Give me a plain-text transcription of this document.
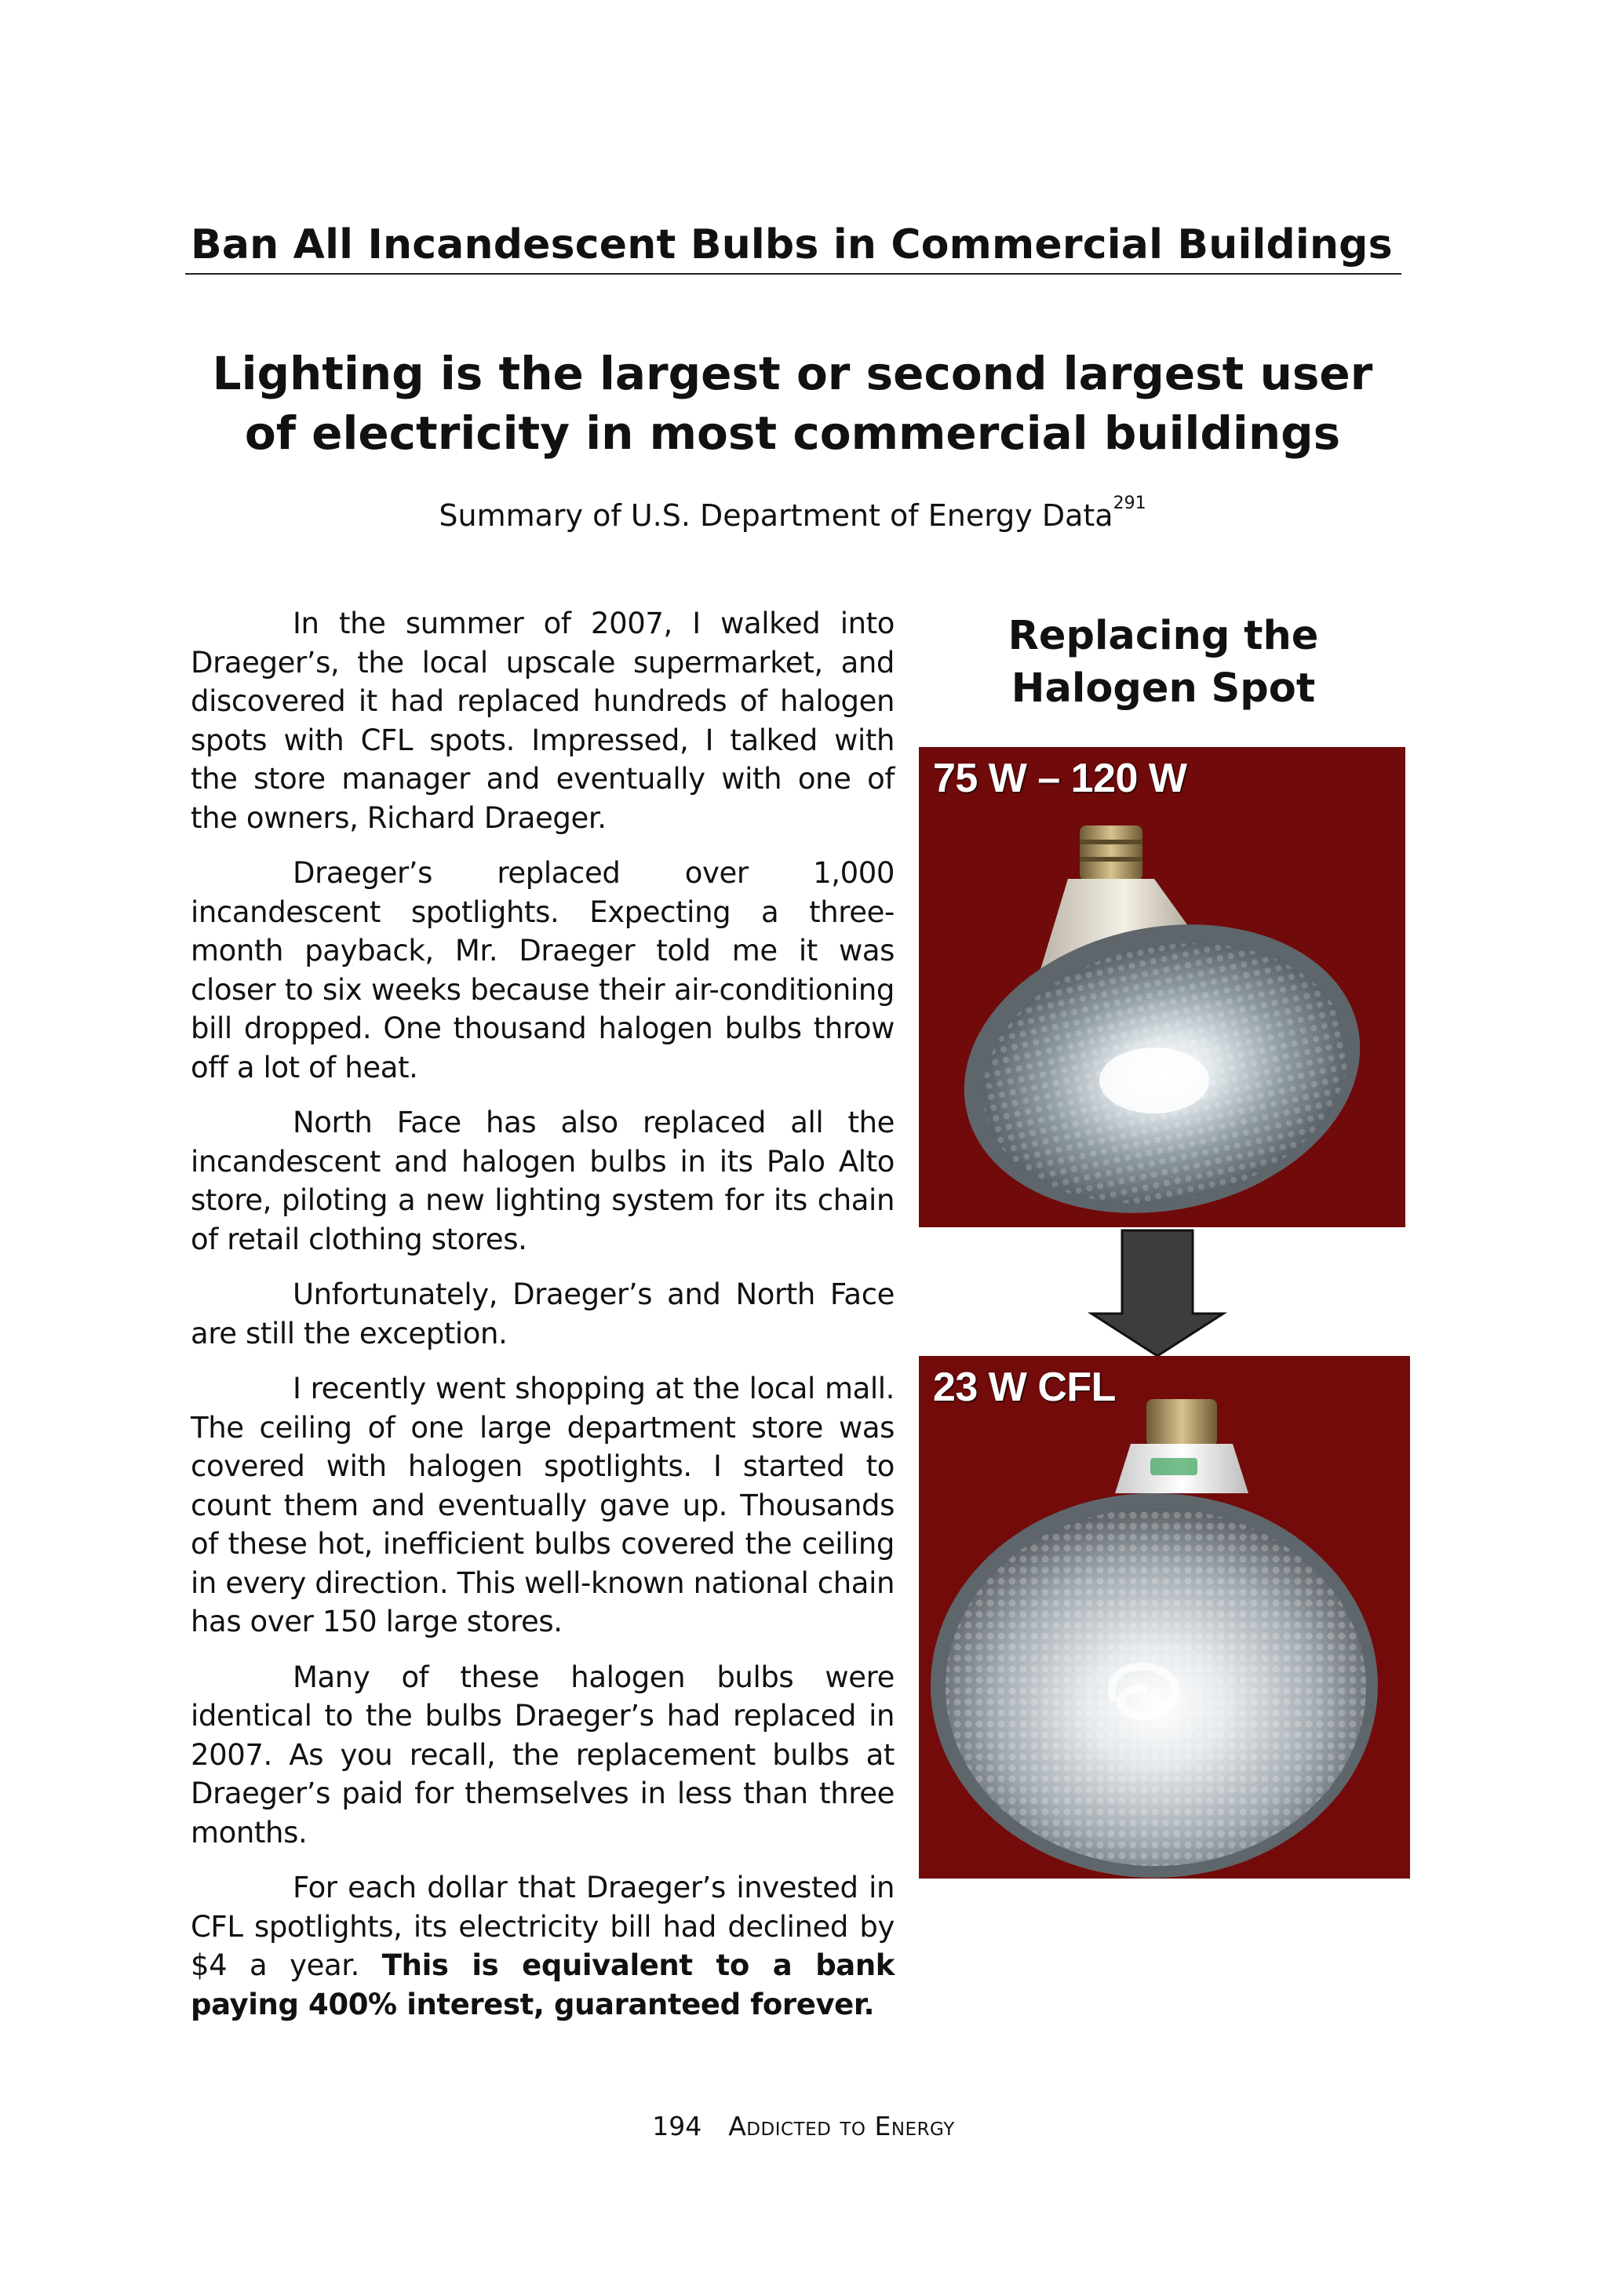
Ban All Incandescent Bulbs in Commercial Buildings
Lighting is the largest or second largest user of electricity in most commercial buildings
Summary of U.S. Department of Energy Data$^{291}$

In the summer of 2007, I walked into Draeger’s, the local upscale supermarket, and discovered it had replaced hundreds of halogen spots with CFL spots. Impressed, I talked with the store manager and eventually with one of the owners, Richard Draeger.

Draeger’s replaced over 1,000 incandescent spotlights. Expecting a three-month payback, Mr. Draeger told me it was closer to six weeks because their air-conditioning bill dropped. One thousand halogen bulbs throw off a lot of heat.

North Face has also replaced all the incandescent and halogen bulbs in its Palo Alto store, piloting a new lighting system for its chain of retail clothing stores.

Unfortunately, Draeger’s and North Face are still the exception.

I recently went shopping at the local mall. The ceiling of one large department store was covered with halogen spotlights. I started to count them and eventually gave up. Thousands of these hot, inefficient bulbs covered the ceiling in every direction. This well-known national chain has over 150 large stores.

Many of these halogen bulbs were identical to the bulbs Draeger’s had replaced in 2007. As you recall, the replacement bulbs at Draeger’s paid for themselves in less than three months.

For each dollar that Draeger’s invested in CFL spotlights, its electricity bill had declined by $4 a year. This is equivalent to a bank paying 400% interest, guaranteed forever.

Replacing the Halogen Spot
75 W – 120 W
23 W CFL
194 Addicted to Energy
